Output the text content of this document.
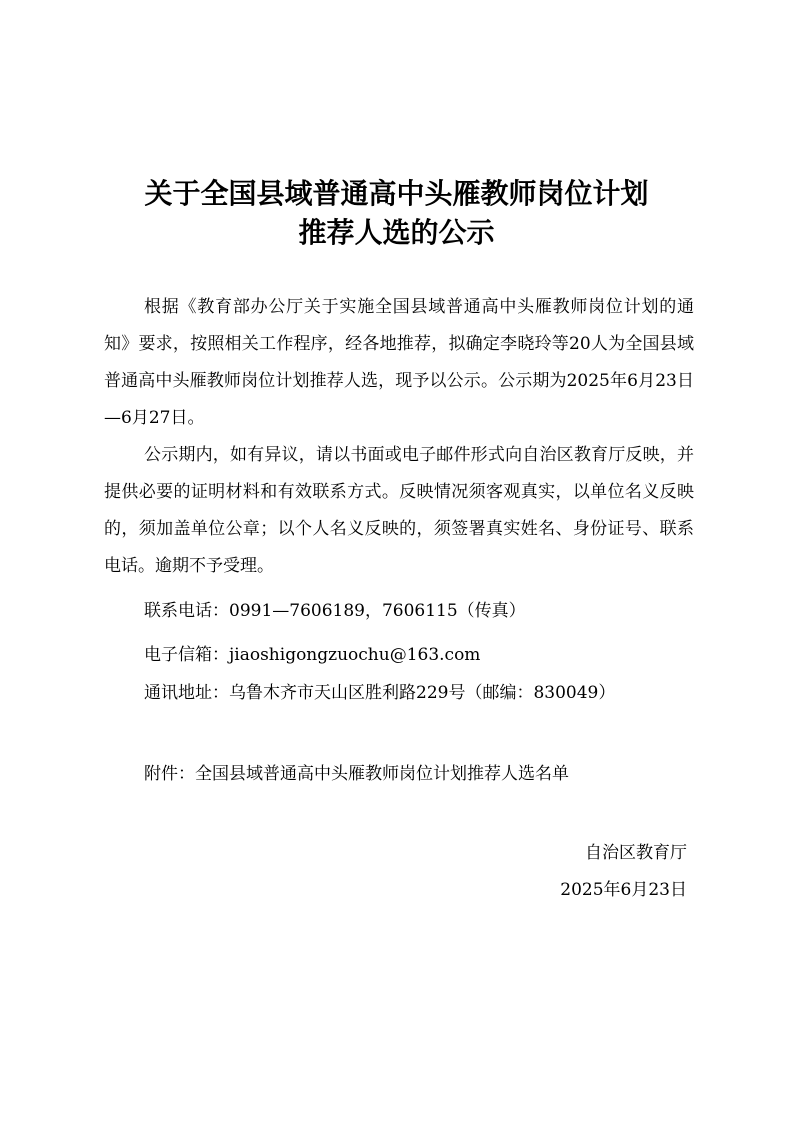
关于全国县域普通高中头雁教师岗位计划
推荐人选的公示

根据《教育部办公厅关于实施全国县域普通高中头雁教师岗位计划的通知》要求，按照相关工作程序，经各地推荐，拟确定李晓玲等20人为全国县域普通高中头雁教师岗位计划推荐人选，现予以公示。公示期为2025年6月23日—6月27日。

公示期内，如有异议，请以书面或电子邮件形式向自治区教育厅反映，并提供必要的证明材料和有效联系方式。反映情况须客观真实，以单位名义反映的，须加盖单位公章；以个人名义反映的，须签署真实姓名、身份证号、联系电话。逾期不予受理。

联系电话：0991—7606189，7606115（传真）
电子信箱：jiaoshigongzuochu@163.com
通讯地址：乌鲁木齐市天山区胜利路229号（邮编：830049）
附件：全国县域普通高中头雁教师岗位计划推荐人选名单
自治区教育厅
2025年6月23日
